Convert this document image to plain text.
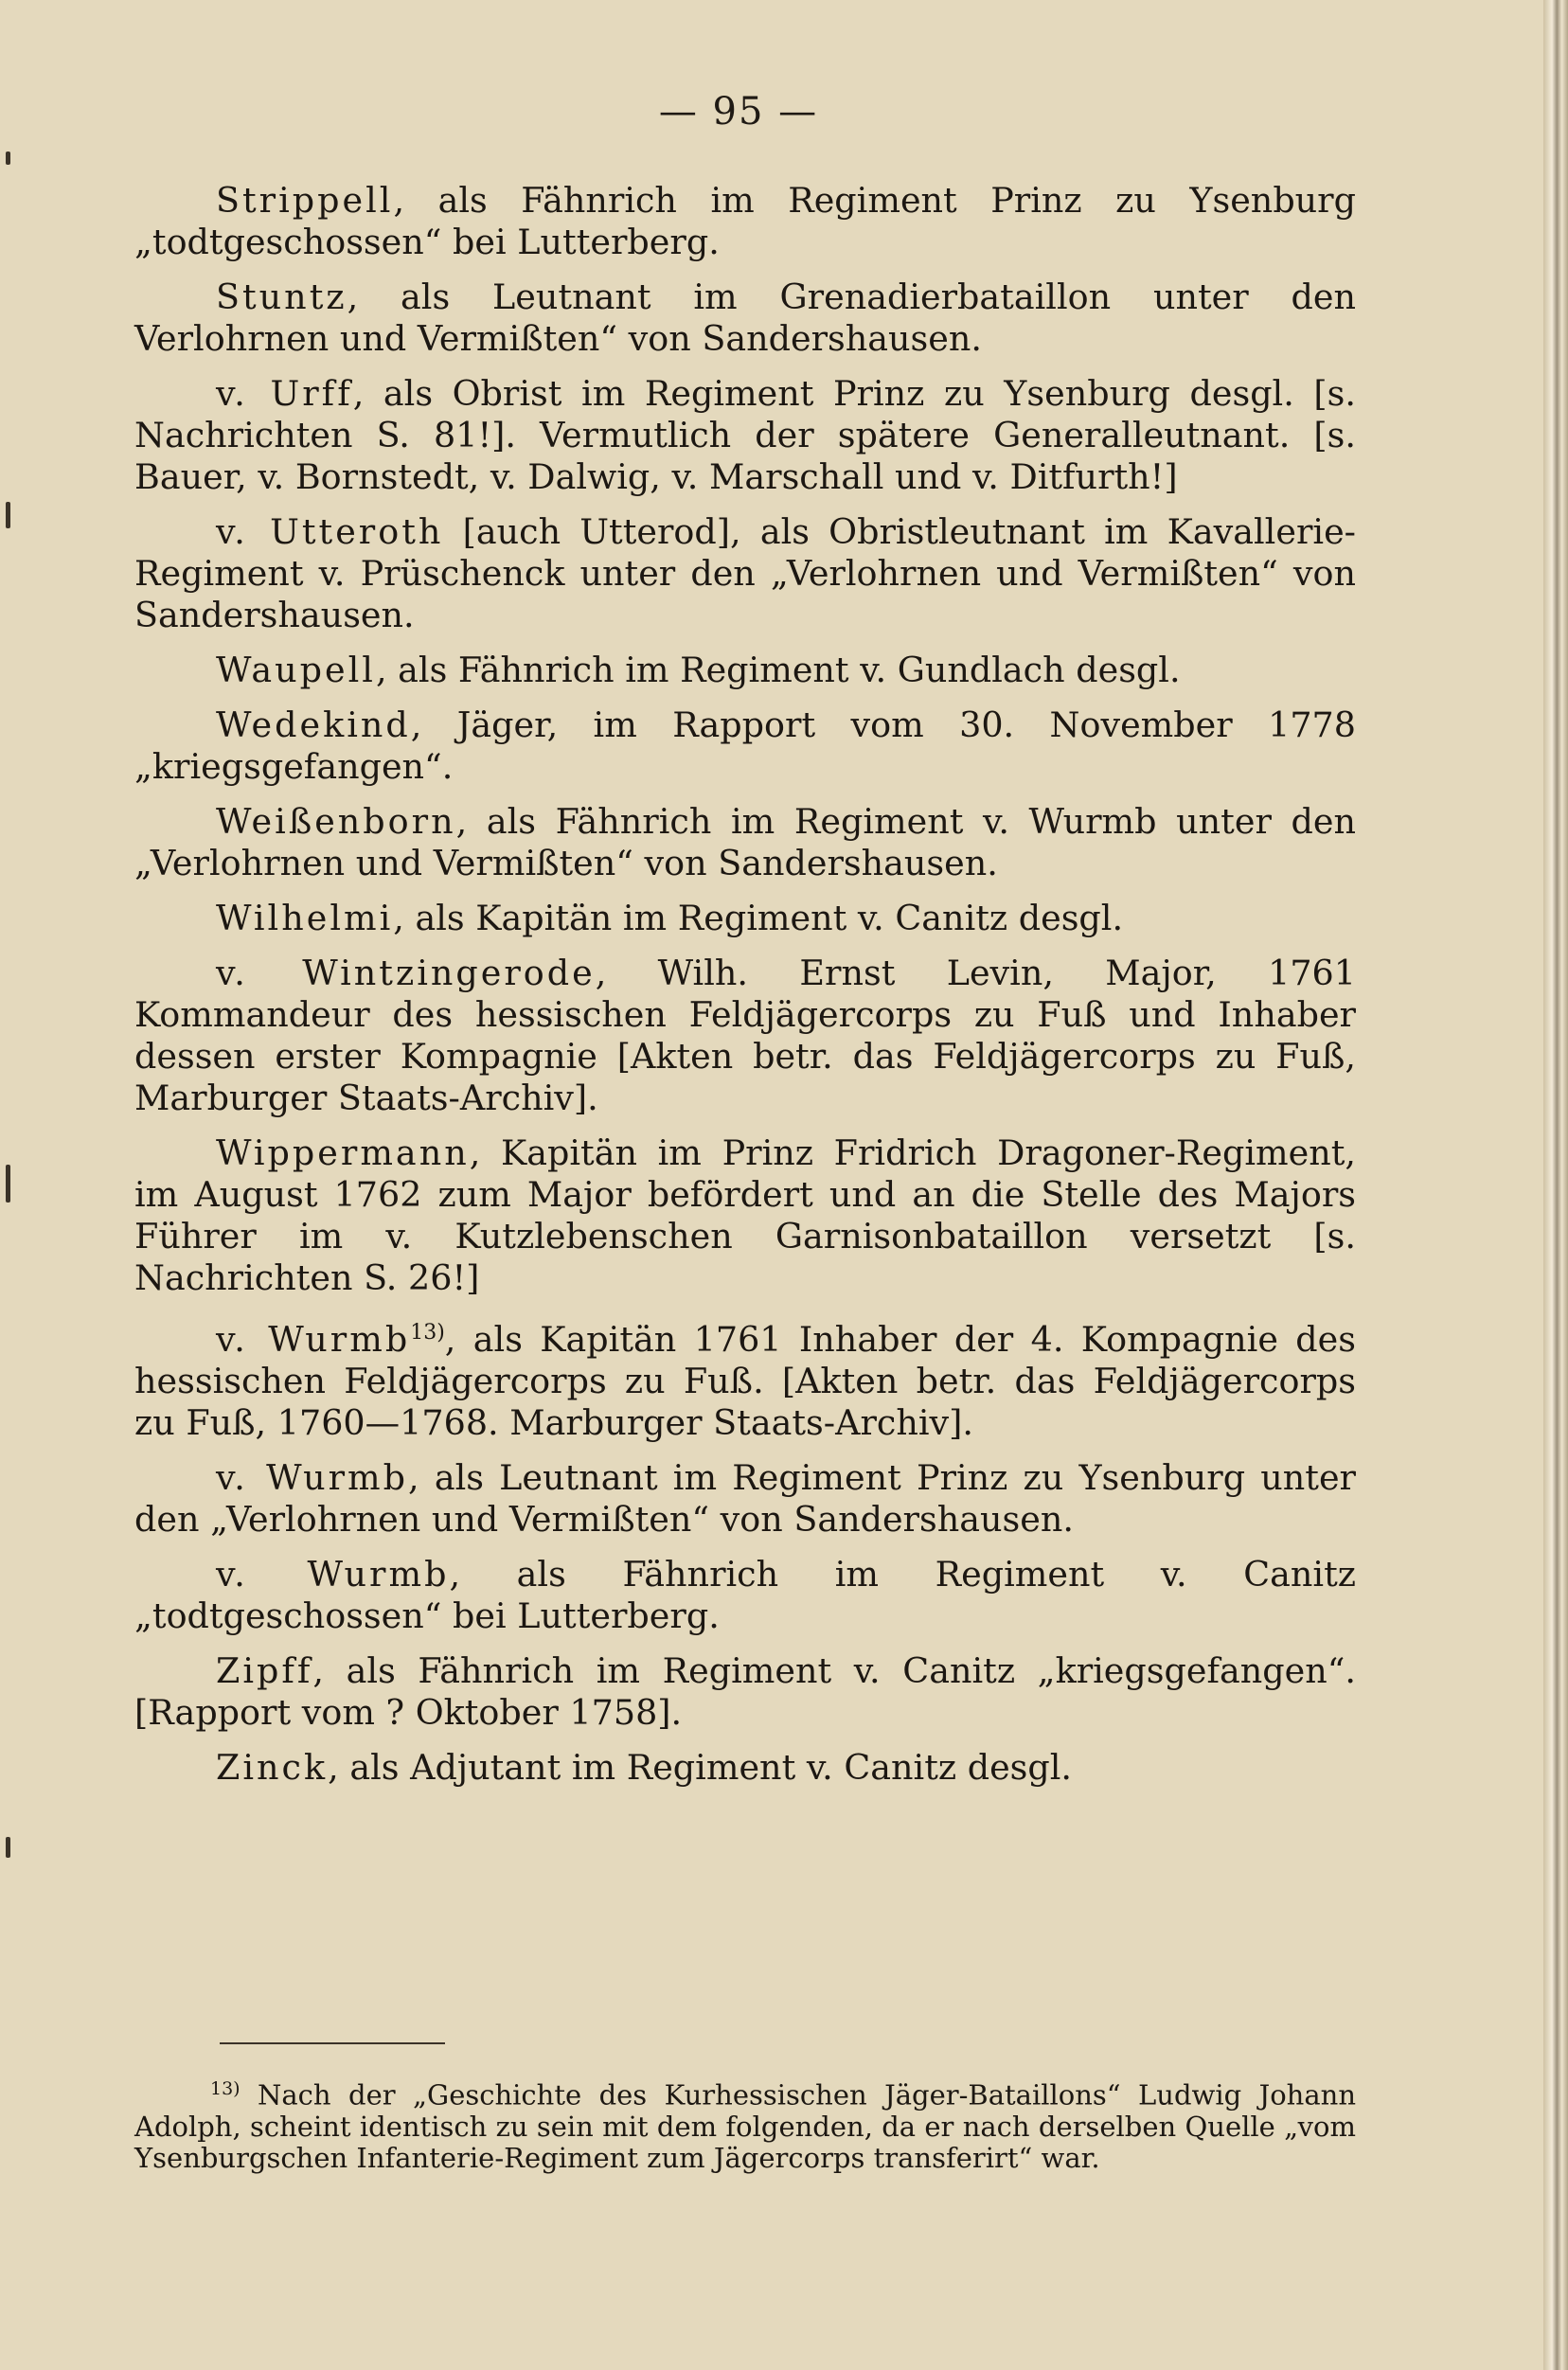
— 95 —

Strippell, als Fähnrich im Regiment Prinz zu Ysenburg „todtgeschossen“ bei Lutterberg.

Stuntz, als Leutnant im Grenadierbataillon unter den Verlohrnen und Vermißten“ von Sandershausen.

v. Urff, als Obrist im Regiment Prinz zu Ysenburg desgl. [s. Nachrichten S. 81!]. Vermutlich der spätere Generalleutnant. [s. Bauer, v. Bornstedt, v. Dalwig, v. Marschall und v. Ditfurth!]

v. Utteroth [auch Utterod], als Obristleutnant im Kavallerie-Regiment v. Prüschenck unter den „Verlohrnen und Vermißten“ von Sandershausen.

Waupell, als Fähnrich im Regiment v. Gundlach desgl.

Wedekind, Jäger, im Rapport vom 30. November 1778 „kriegsgefangen“.

Weißenborn, als Fähnrich im Regiment v. Wurmb unter den „Verlohrnen und Vermißten“ von Sandershausen.

Wilhelmi, als Kapitän im Regiment v. Canitz desgl.

v. Wintzingerode, Wilh. Ernst Levin, Major, 1761 Kommandeur des hessischen Feldjägercorps zu Fuß und Inhaber dessen erster Kompagnie [Akten betr. das Feldjägercorps zu Fuß, Marburger Staats-Archiv].

Wippermann, Kapitän im Prinz Fridrich Dragoner-Regiment, im August 1762 zum Major befördert und an die Stelle des Majors Führer im v. Kutzlebenschen Garnisonbataillon versetzt [s. Nachrichten S. 26!]

v. Wurmb$^{13)}$, als Kapitän 1761 Inhaber der 4. Kompagnie des hessischen Feldjägercorps zu Fuß. [Akten betr. das Feldjägercorps zu Fuß, 1760—1768. Marburger Staats-Archiv].

v. Wurmb, als Leutnant im Regiment Prinz zu Ysenburg unter den „Verlohrnen und Vermißten“ von Sandershausen.

v. Wurmb, als Fähnrich im Regiment v. Canitz „todtgeschossen“ bei Lutterberg.

Zipff, als Fähnrich im Regiment v. Canitz „kriegsgefangen“. [Rapport vom ? Oktober 1758].

Zinck, als Adjutant im Regiment v. Canitz desgl.

$^{13)}$ Nach der „Geschichte des Kurhessischen Jäger-Bataillons“ Ludwig Johann Adolph, scheint identisch zu sein mit dem folgenden, da er nach derselben Quelle „vom Ysenburgschen Infanterie-Regiment zum Jägercorps transferirt“ war.
